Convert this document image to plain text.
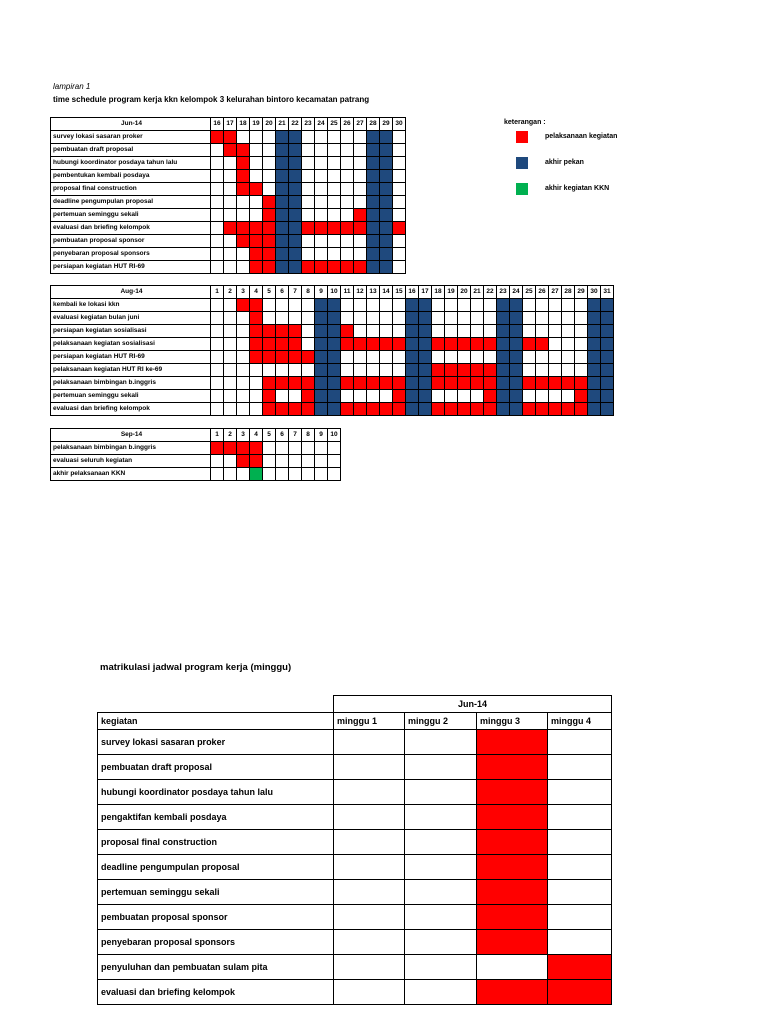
lampiran 1
time schedule program kerja kkn kelompok 3 kelurahan bintoro kecamatan patrang
Jun-14	16	17	18	19	20	21	22	23	24	25	26	27	28	29	30
survey lokasi sasaran proker															
pembuatan draft proposal															
hubungi koordinator posdaya tahun lalu															
pembentukan kembali posdaya															
proposal final construction															
deadline pengumpulan proposal															
pertemuan seminggu sekali															
evaluasi dan briefing kelompok															
pembuatan proposal sponsor															
penyebaran proposal sponsors															
persiapan kegiatan HUT RI-69															
Aug-14	1	2	3	4	5	6	7	8	9	10	11	12	13	14	15	16	17	18	19	20	21	22	23	24	25	26	27	28	29	30	31
kembali ke lokasi kkn																															
evaluasi kegiatan bulan juni																															
persiapan kegiatan sosialisasi																															
pelaksanaan kegiatan sosialisasi																															
persiapan kegiatan HUT RI-69																															
pelaksanaan kegiatan HUT RI ke-69																															
pelaksanaan bimbingan b.inggris																															
pertemuan seminggu sekali																															
evaluasi dan briefing kelompok																															
Sep-14	1	2	3	4	5	6	7	8	9	10
pelaksanaan bimbingan b.inggris										
evaluasi seluruh kegiatan										
akhir pelaksanaan KKN										
keterangan :
pelaksanaan kegiatan
akhir pekan
akhir kegiatan KKN
matrikulasi jadwal program kerja (minggu)
	Jun-14			
kegiatan	minggu 1	minggu 2	minggu 3	minggu 4
survey lokasi sasaran proker				
pembuatan draft proposal				
hubungi koordinator posdaya tahun lalu				
pengaktifan kembali posdaya				
proposal final construction				
deadline pengumpulan proposal				
pertemuan seminggu sekali				
pembuatan proposal sponsor				
penyebaran proposal sponsors				
penyuluhan dan pembuatan sulam pita				
evaluasi dan briefing kelompok				
